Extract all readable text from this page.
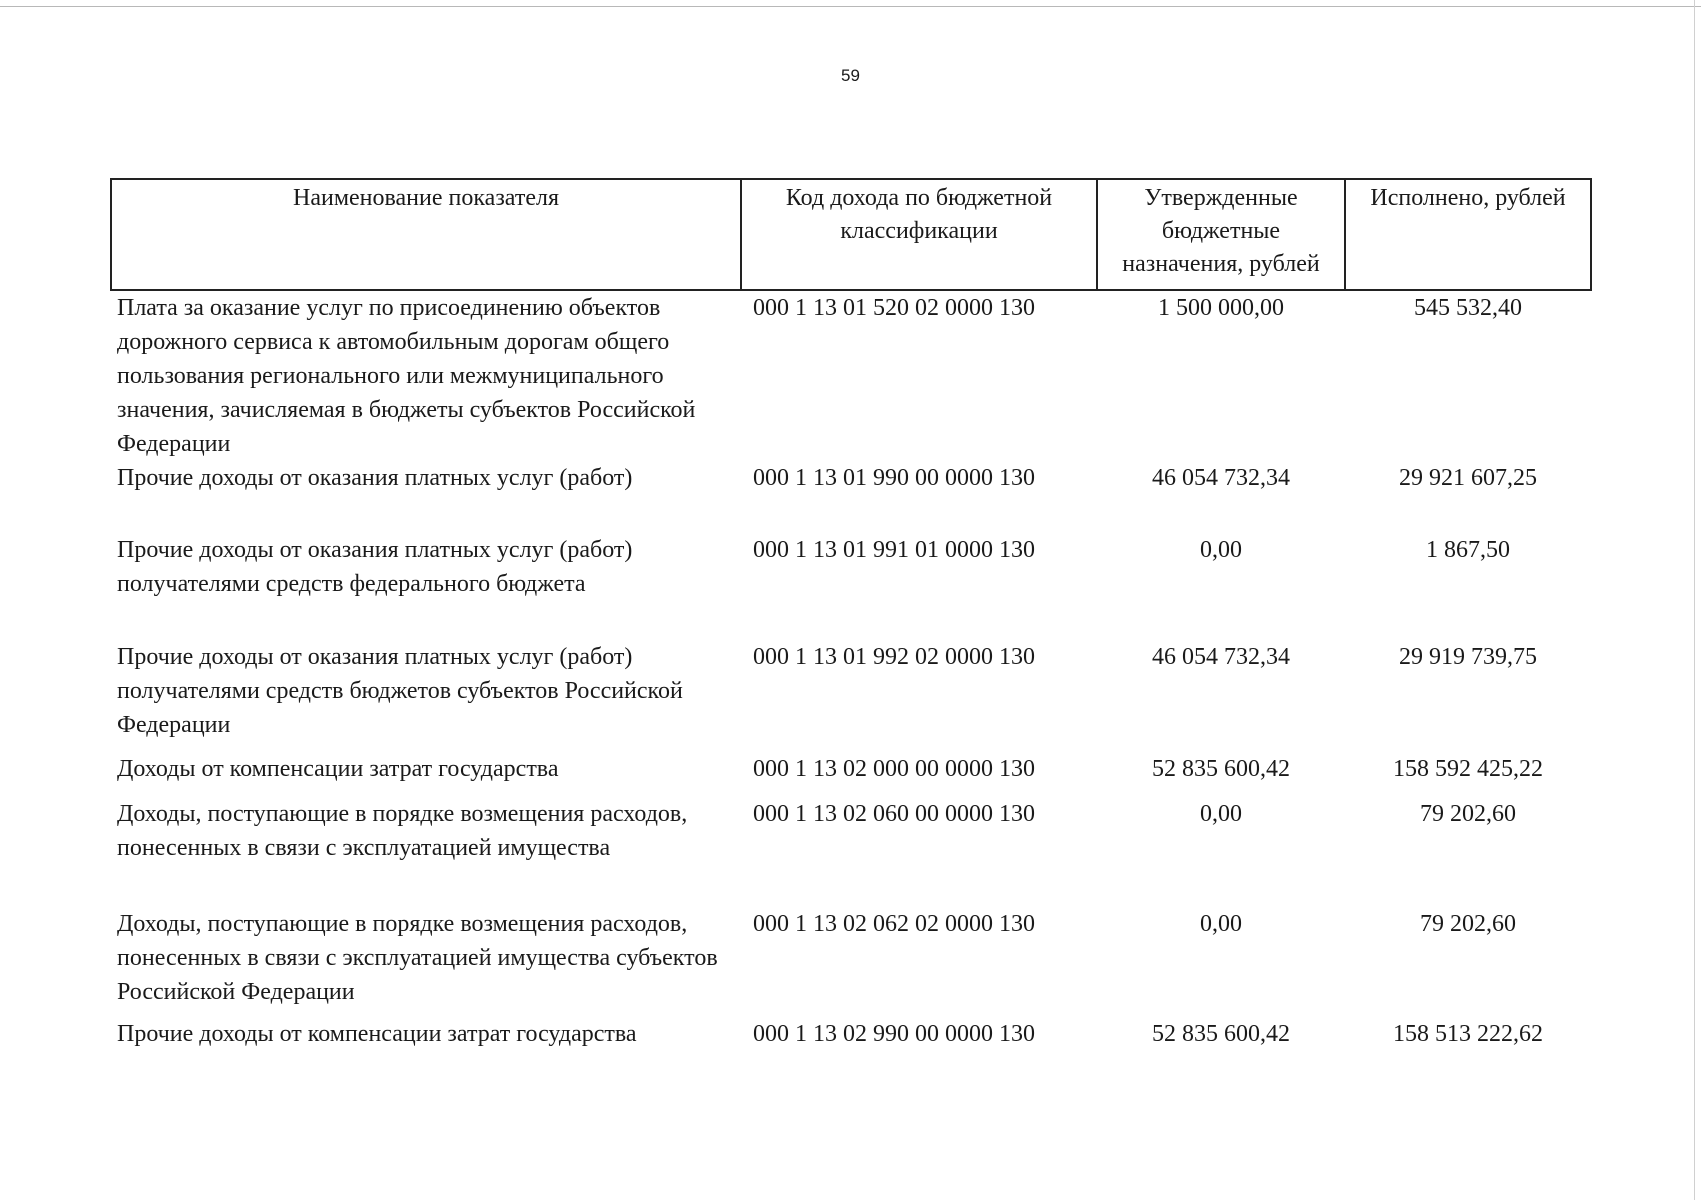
59
Наименование показателя	Код дохода по бюджетной классификации	Утвержденные бюджетные назначения, рублей	Исполнено, рублей
Плата за оказание услуг по присоединению объектов дорожного сервиса к автомобильным дорогам общего пользования регионального или межмуниципального значения, зачисляемая в бюджеты субъектов Российской Федерации	000 1 13 01 520 02 0000 130	1 500 000,00	545 532,40
Прочие доходы от оказания платных услуг (работ)	000 1 13 01 990 00 0000 130	46 054 732,34	29 921 607,25
Прочие доходы от оказания платных услуг (работ) получателями средств федерального бюджета	000 1 13 01 991 01 0000 130	0,00	1 867,50
Прочие доходы от оказания платных услуг (работ) получателями средств бюджетов субъектов Российской Федерации	000 1 13 01 992 02 0000 130	46 054 732,34	29 919 739,75
Доходы от компенсации затрат государства	000 1 13 02 000 00 0000 130	52 835 600,42	158 592 425,22
Доходы, поступающие в порядке возмещения расходов, понесенных в связи с эксплуатацией имущества	000 1 13 02 060 00 0000 130	0,00	79 202,60
Доходы, поступающие в порядке возмещения расходов, понесенных в связи с эксплуатацией имущества субъектов Российской Федерации	000 1 13 02 062 02 0000 130	0,00	79 202,60
Прочие доходы от компенсации затрат государства	000 1 13 02 990 00 0000 130	52 835 600,42	158 513 222,62
